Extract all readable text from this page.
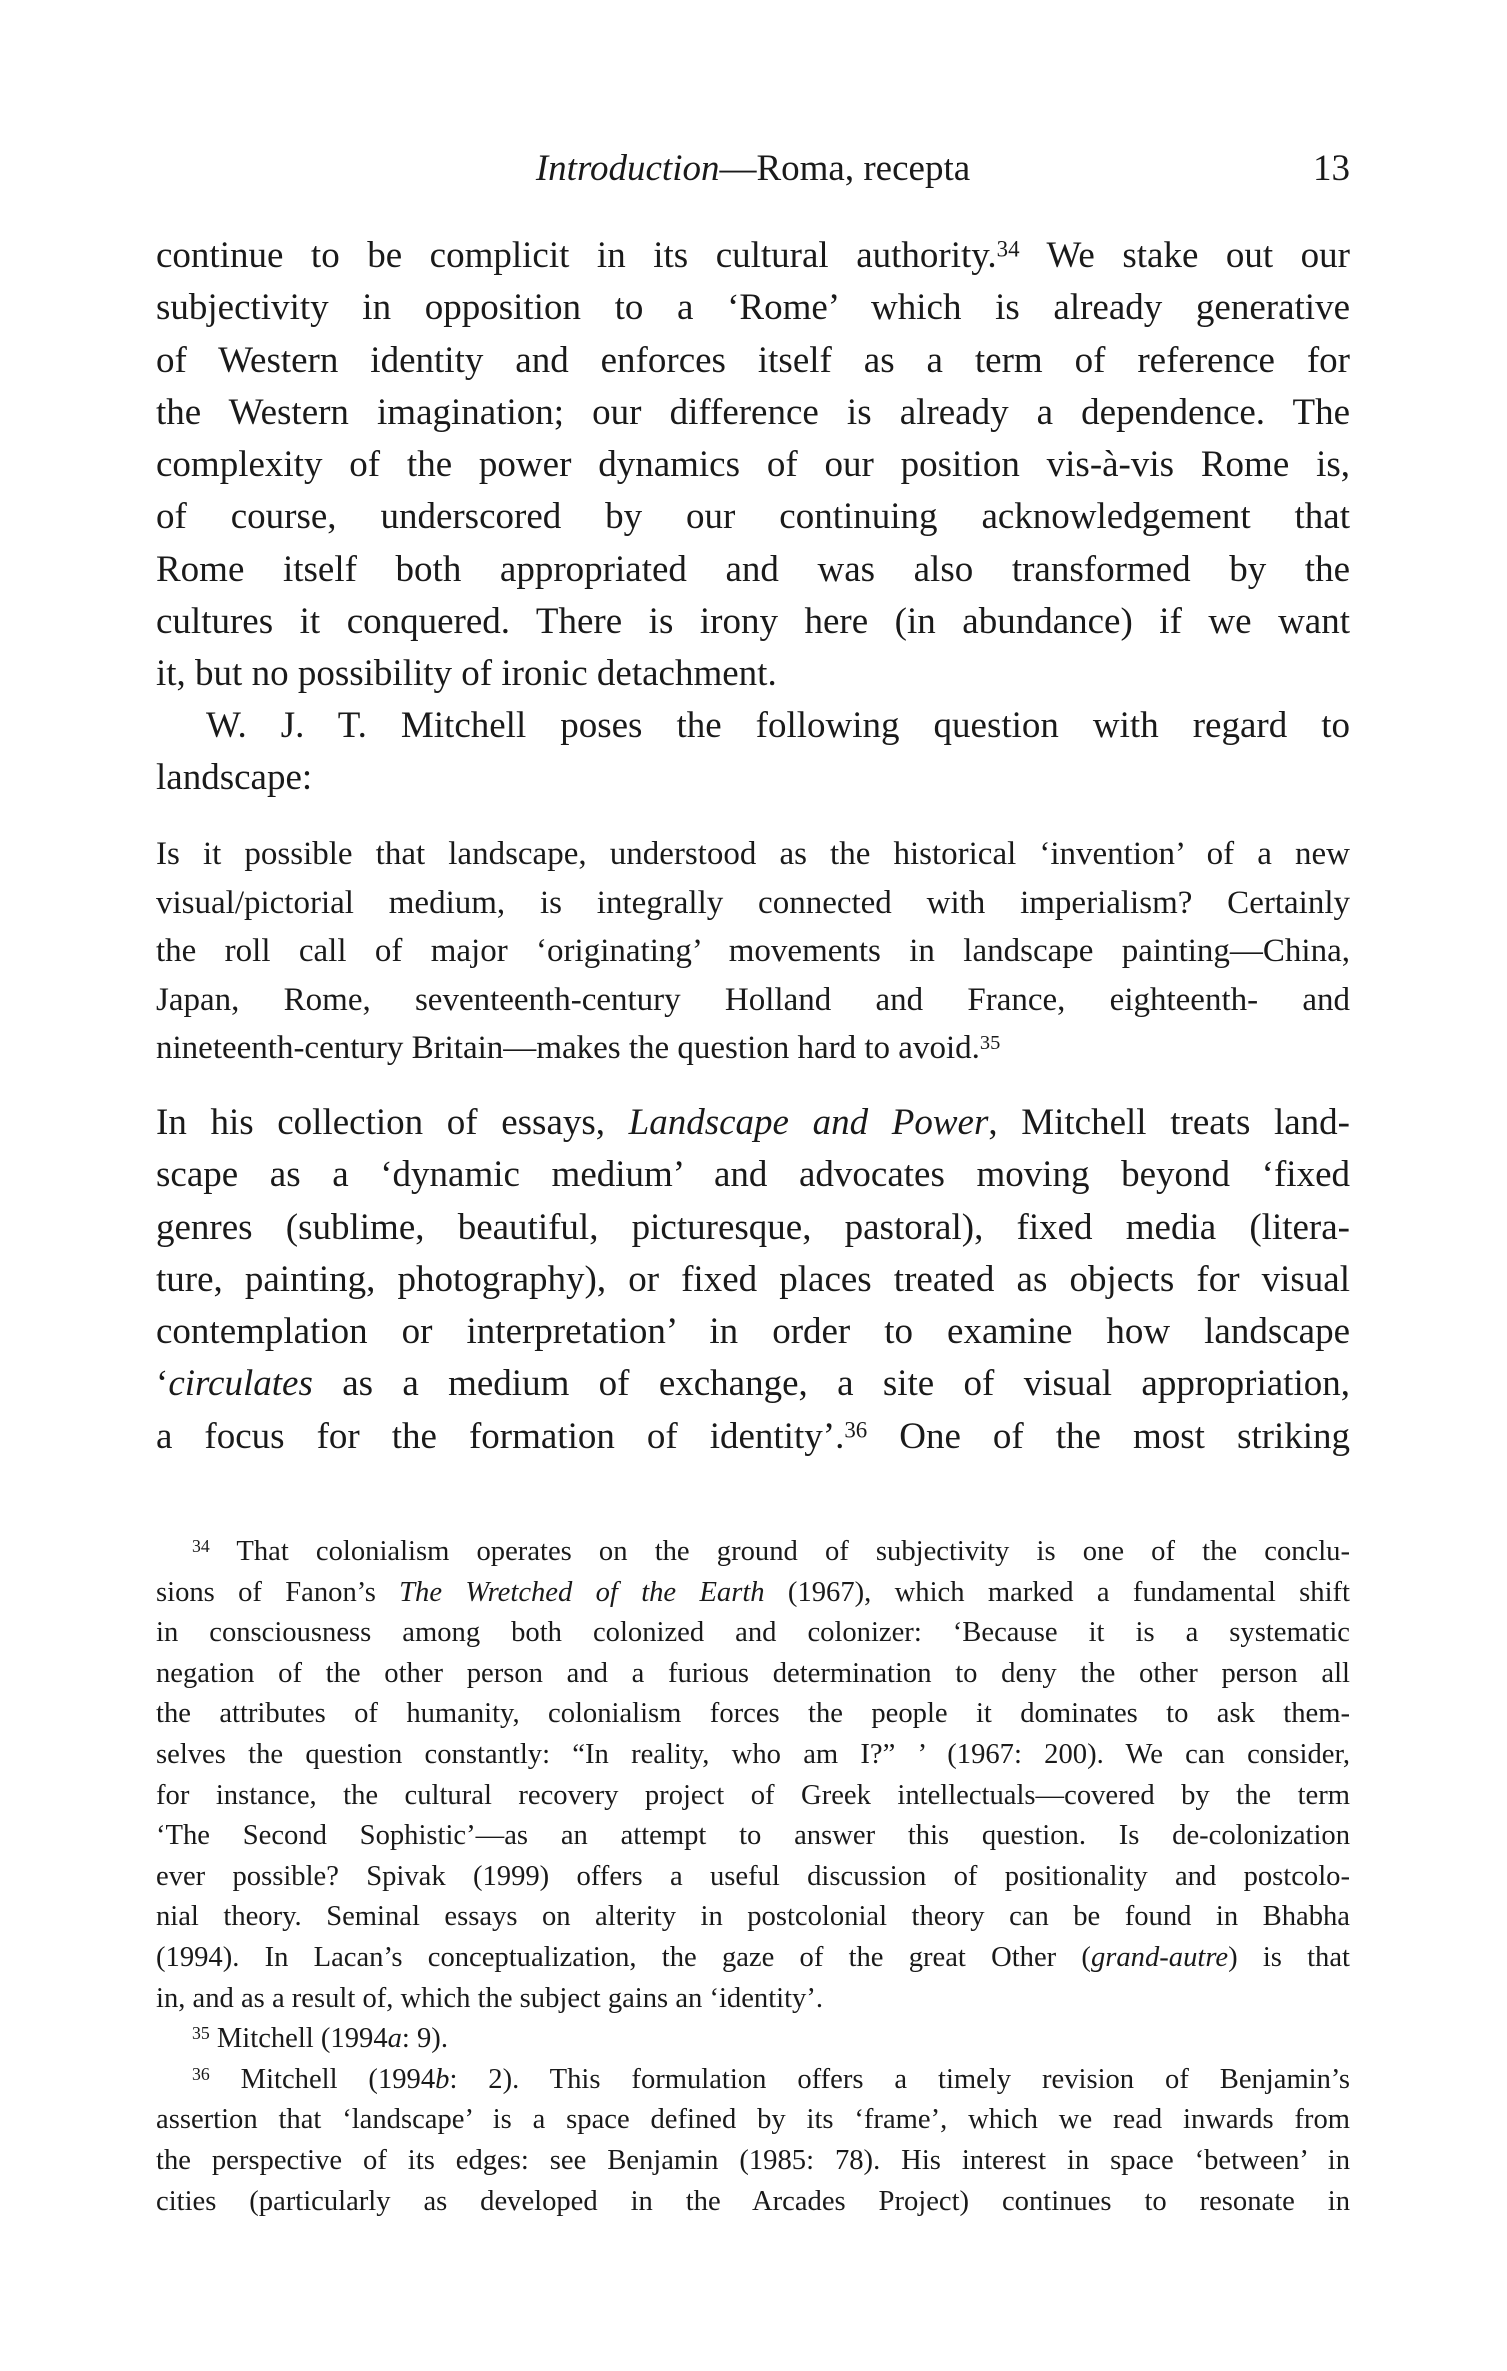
Introduction—Roma, recepta	13
continue to be complicit in its cultural authority.$^{34}$ We stake out our
subjectivity in opposition to a ‘Rome’ which is already generative
of Western identity and enforces itself as a term of reference for
the Western imagination; our difference is already a dependence. The
complexity of the power dynamics of our position vis-à-vis Rome is,
of course, underscored by our continuing acknowledgement that
Rome itself both appropriated and was also transformed by the
cultures it conquered. There is irony here (in abundance) if we want
it, but no possibility of ironic detachment.
W. J. T. Mitchell poses the following question with regard to
landscape:
Is it possible that landscape, understood as the historical ‘invention’ of a new
visual/pictorial medium, is integrally connected with imperialism? Certainly
the roll call of major ‘originating’ movements in landscape painting—China,
Japan, Rome, seventeenth-century Holland and France, eighteenth- and
nineteenth-century Britain—makes the question hard to avoid.$^{35}$
In his collection of essays, Landscape and Power, Mitchell treats land-
scape as a ‘dynamic medium’ and advocates moving beyond ‘fixed
genres (sublime, beautiful, picturesque, pastoral), fixed media (litera-
ture, painting, photography), or fixed places treated as objects for visual
contemplation or interpretation’ in order to examine how landscape
‘circulates as a medium of exchange, a site of visual appropriation,
a focus for the formation of identity’.$^{36}$ One of the most striking
$^{34}$ That colonialism operates on the ground of subjectivity is one of the conclu-
sions of Fanon’s The Wretched of the Earth (1967), which marked a fundamental shift
in consciousness among both colonized and colonizer: ‘Because it is a systematic
negation of the other person and a furious determination to deny the other person all
the attributes of humanity, colonialism forces the people it dominates to ask them-
selves the question constantly: “In reality, who am I?” ’ (1967: 200). We can consider,
for instance, the cultural recovery project of Greek intellectuals—covered by the term
‘The Second Sophistic’—as an attempt to answer this question. Is de-colonization
ever possible? Spivak (1999) offers a useful discussion of positionality and postcolo-
nial theory. Seminal essays on alterity in postcolonial theory can be found in Bhabha
(1994). In Lacan’s conceptualization, the gaze of the great Other (grand-autre) is that
in, and as a result of, which the subject gains an ‘identity’.
$^{35}$ Mitchell (1994a: 9).
$^{36}$ Mitchell (1994b: 2). This formulation offers a timely revision of Benjamin’s
assertion that ‘landscape’ is a space defined by its ‘frame’, which we read inwards from
the perspective of its edges: see Benjamin (1985: 78). His interest in space ‘between’ in
cities (particularly as developed in the Arcades Project) continues to resonate in
